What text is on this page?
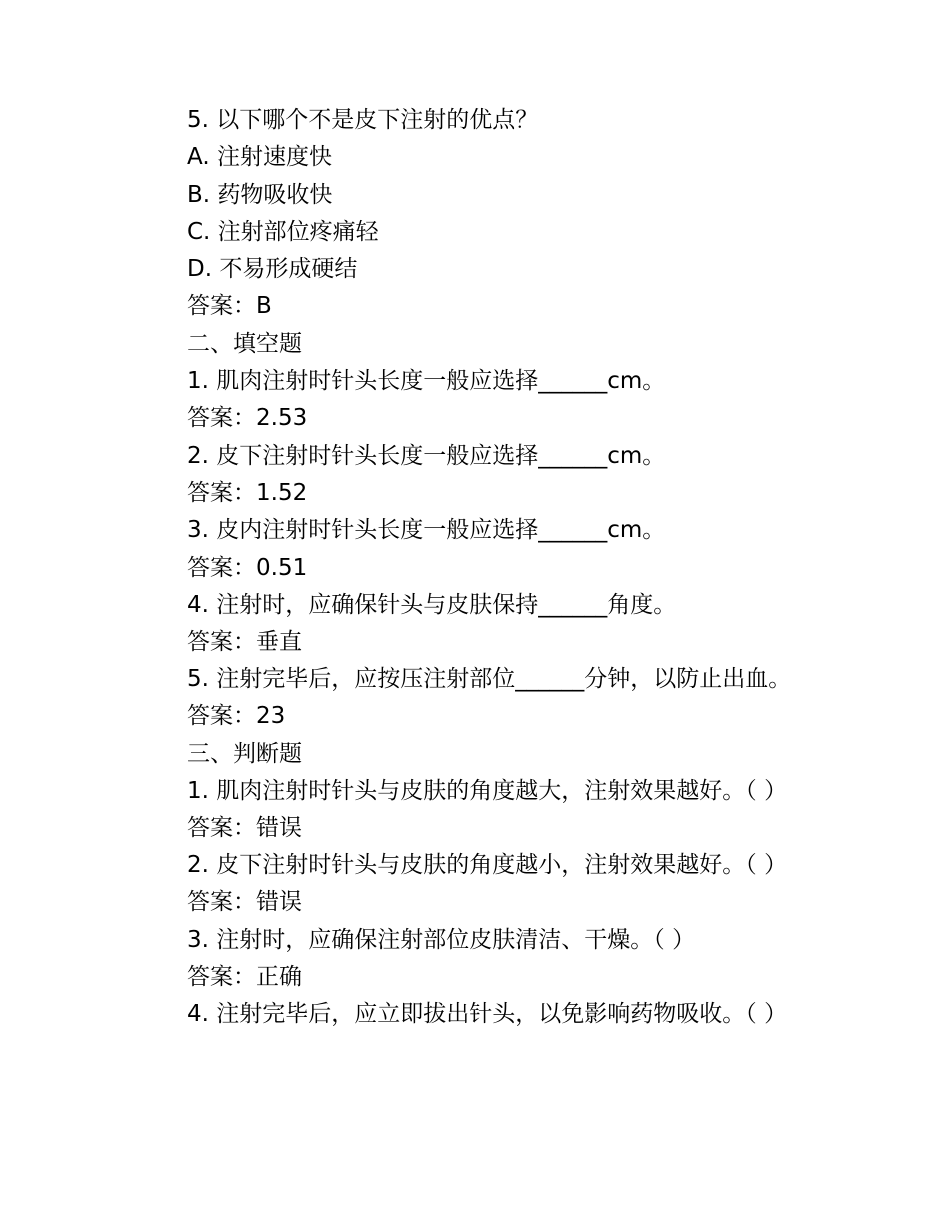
5. 以下哪个不是皮下注射的优点？
A. 注射速度快
B. 药物吸收快
C. 注射部位疼痛轻
D. 不易形成硬结
答案：B
二、填空题
1. 肌肉注射时针头长度一般应选择______cm。
答案：2.53
2. 皮下注射时针头长度一般应选择______cm。
答案：1.52
3. 皮内注射时针头长度一般应选择______cm。
答案：0.51
4. 注射时，应确保针头与皮肤保持______角度。
答案：垂直
5. 注射完毕后，应按压注射部位______分钟，以防止出血。
答案：23
三、判断题
1. 肌肉注射时针头与皮肤的角度越大，注射效果越好。（ ）
答案：错误
2. 皮下注射时针头与皮肤的角度越小，注射效果越好。（ ）
答案：错误
3. 注射时，应确保注射部位皮肤清洁、干燥。（ ）
答案：正确
4. 注射完毕后，应立即拔出针头，以免影响药物吸收。（ ）
